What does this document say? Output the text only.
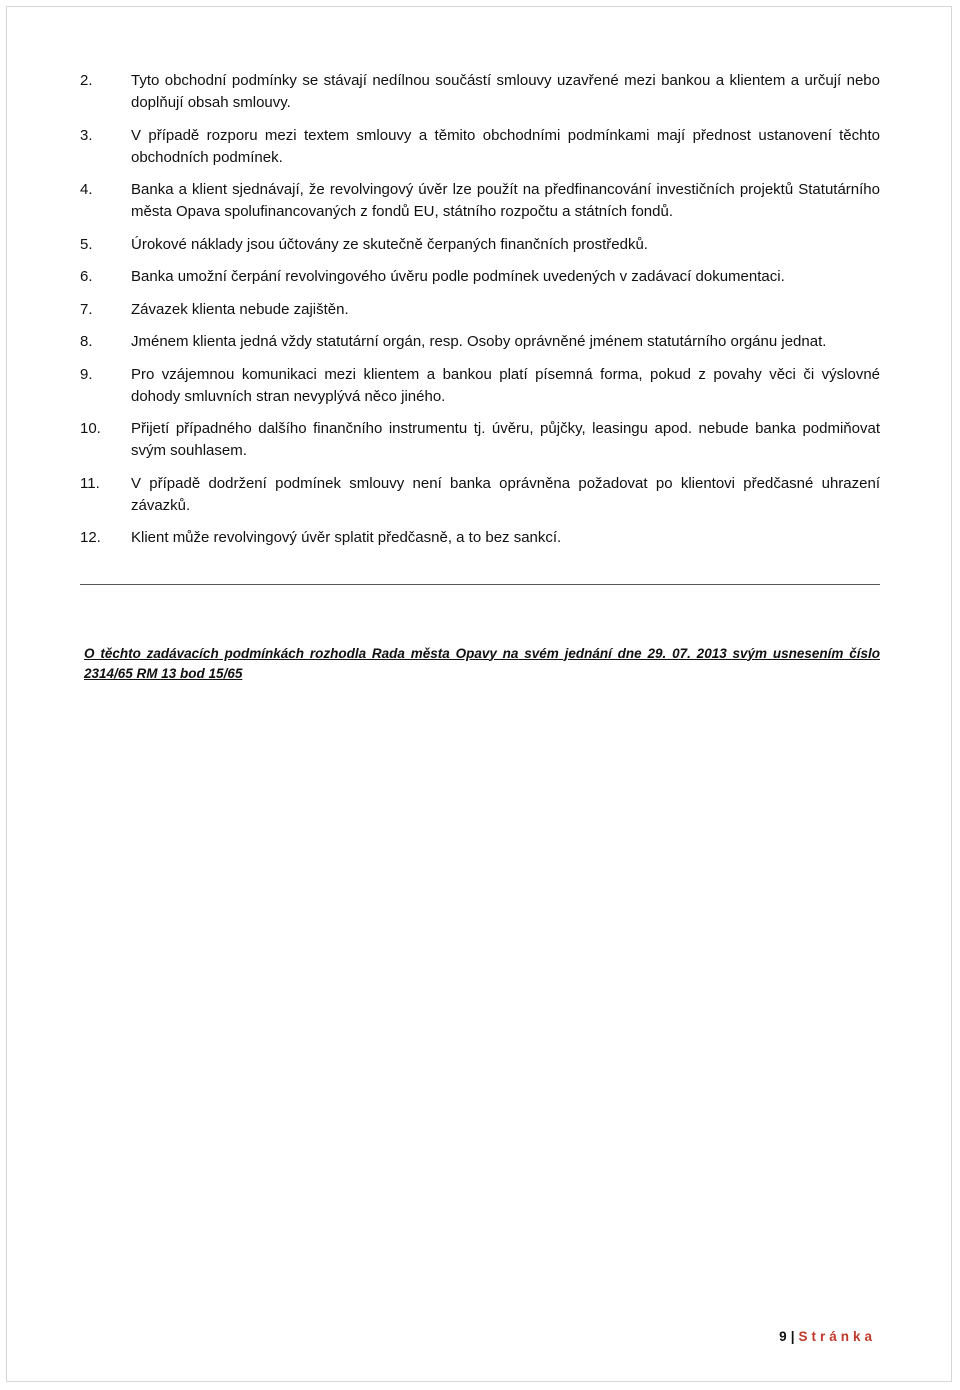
2.	Tyto obchodní podmínky se stávají nedílnou součástí smlouvy uzavřené mezi bankou a klientem a určují nebo doplňují obsah smlouvy.
3.	V případě rozporu mezi textem smlouvy a těmito obchodními podmínkami mají přednost ustanovení těchto obchodních podmínek.
4.	Banka a klient sjednávají, že revolvingový úvěr lze použít na předfinancování investičních projektů Statutárního města Opava spolufinancovaných z fondů EU, státního rozpočtu a státních fondů.
5.	Úrokové náklady jsou účtovány ze skutečně čerpaných finančních prostředků.
6.	Banka umožní čerpání revolvingového úvěru podle podmínek uvedených v zadávací dokumentaci.
7.	Závazek klienta nebude zajištěn.
8.	Jménem klienta jedná vždy statutární orgán, resp. Osoby oprávněné jménem statutárního orgánu jednat.
9.	Pro vzájemnou komunikaci mezi klientem a bankou platí písemná forma, pokud z povahy věci či výslovné dohody smluvních stran nevyplývá něco jiného.
10.	Přijetí případného dalšího finančního instrumentu tj. úvěru, půjčky, leasingu apod. nebude banka podmiňovat svým souhlasem.
11.	V případě dodržení podmínek smlouvy není banka oprávněna požadovat po klientovi předčasné uhrazení závazků.
12.	Klient může revolvingový úvěr splatit předčasně, a to bez sankcí.

O těchto zadávacích podmínkách rozhodla Rada města Opavy na svém jednání dne 29. 07. 2013 svým usnesením číslo 2314/65 RM 13 bod 15/65

9 | Stránka
